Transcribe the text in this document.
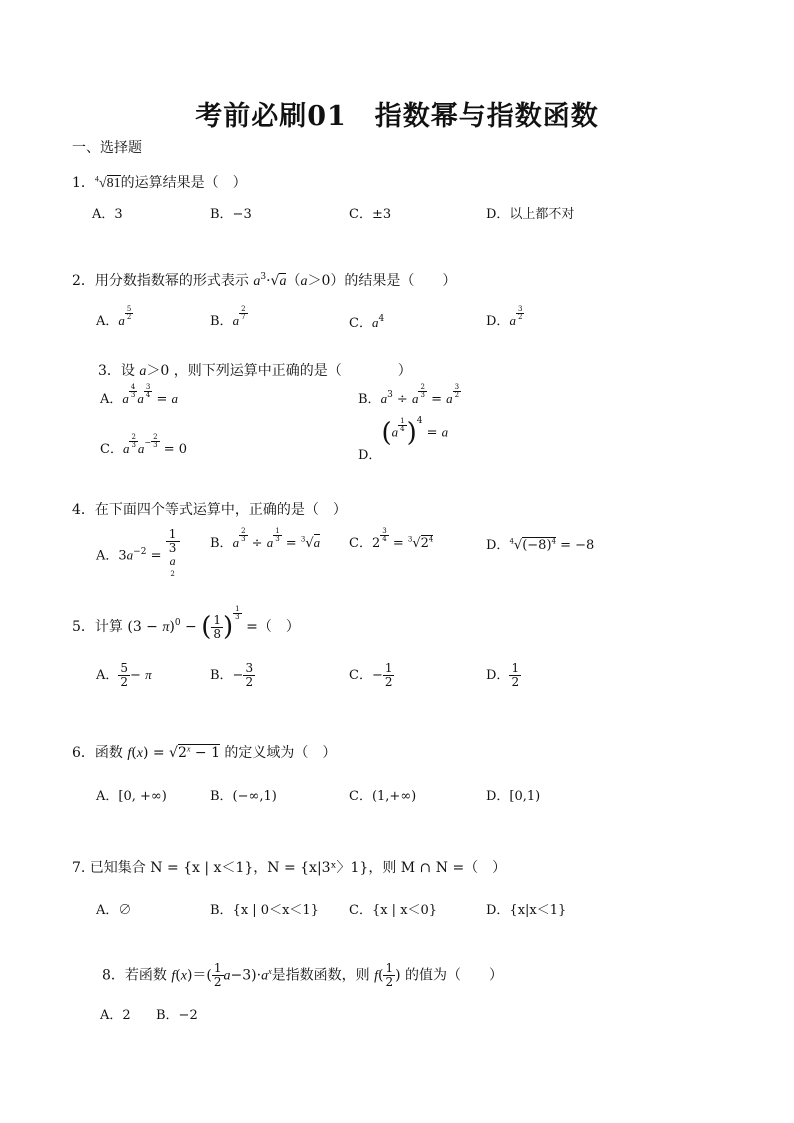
考前必刷01　指数幂与指数函数
一、选择题
1．$^4$√81的运算结果是（　）
A．3	B．−3	C．±3	D．以上都不对
2．用分数指数幂的形式表示 $a^3\cdot√a(a>0)$的结果是（　　）
A．a $\frac{5}{2}$
B．a $\frac{2}{7}$
C．$a^4$	D．a $\frac{3}{2}$
3．设 a＞0 ，则下列运算中正确的是（　　　　）
A．a $\frac{4}{3}$ a $\frac{3}{4}$
= a	B．$a^3 \div a \frac{2}{3}$
= a $\frac{3}{2}$
C．a $\frac{2}{3} a^- \frac{2}{3}$
= 0	D．$(a \frac{1}{4} )^4 = a$
4．在下面四个等式运算中，正确的是（　）
A．$3a^{-2} = 1$
3
a
$^2$ B．a $\frac{2}{3}$
÷ a $\frac{1}{3}$
= $^3$√a C．2
$\frac{3}{4}$
= $^3√2^4$	D．$^4√(-8)^4 = -8$
5．计算 $(3 - \pi)^0$ − ( $\frac{1}{8}$ ) $\frac{1}{3}$
=（　）
A． $\frac{5}{2} - \pi$	B．− $\frac{3}{2}$	C．− $\frac{1}{2}$	D． $\frac{1}{2}$
6．函数 $f(x) = √2^x - 1$ 的定义域为（　）
A．[0, +∞)	B．(−∞,1)	C．(1,+∞)	D．[0,1)
7. 已知集合 N = {x | x＜1}，N = {x|3ˣ〉1}，则 M ∩ N =（　）
A．∅	B．{x | 0＜x＜1} C．{x | x＜0}	D．{x|x＜1}
8．若函数 $f(x)=( \frac{1}{2} a-3)\cdot a^x$是指数函数，则 $f( \frac{1}{2}$ ) 的值为（　　）
A．2 B．−2
